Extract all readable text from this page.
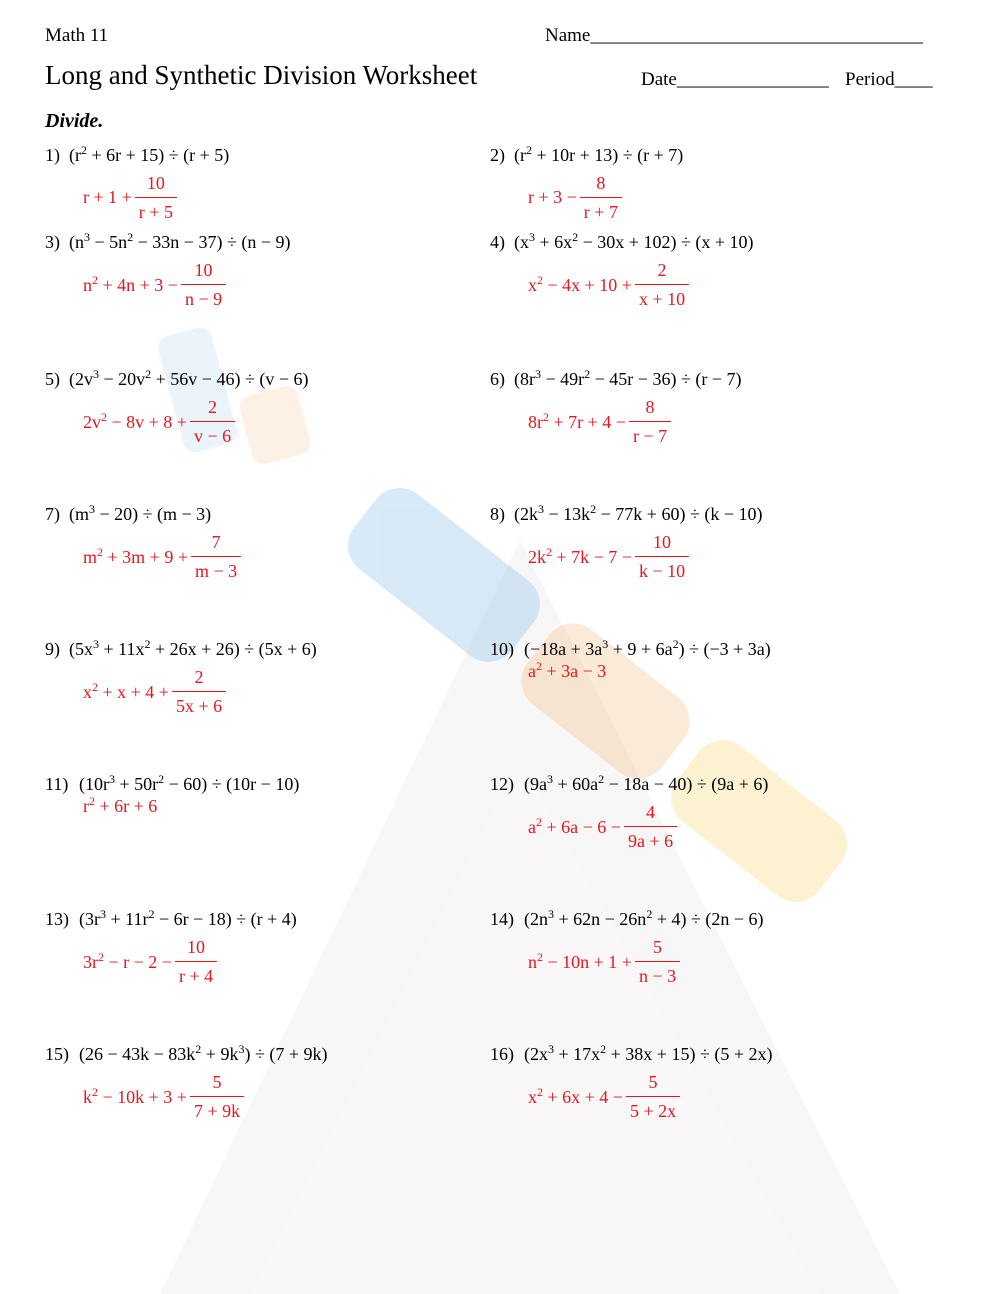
Math 11	Name___________________________________
Long and Synthetic Division Worksheet	Date________________ Period____
Divide.
1) $(r^2 + 6r + 15) \div (r + 5)$
$r + 1 + \frac{10}{r + 5}$
2) $(r^2 + 10r + 13) \div (r + 7)$
$r + 3 - \frac{8}{r + 7}$
3) $(n^3 - 5n^2 - 33n - 37) \div (n - 9)$
$n^2 + 4n + 3 - \frac{10}{n - 9}$
4) $(x^3 + 6x^2 - 30x + 102) \div (x + 10)$
$x^2 - 4x + 10 + \frac{2}{x + 10}$
5) $(2v^3 - 20v^2 + 56v - 46) \div (v - 6)$
$2v^2 - 8v + 8 + \frac{2}{v - 6}$
6) $(8r^3 - 49r^2 - 45r - 36) \div (r - 7)$
$8r^2 + 7r + 4 - \frac{8}{r - 7}$
7) $(m^3 - 20) \div (m - 3)$
$m^2 + 3m + 9 + \frac{7}{m - 3}$
8) $(2k^3 - 13k^2 - 77k + 60) \div (k - 10)$
$2k^2 + 7k - 7 - \frac{10}{k - 10}$
9) $(5x^3 + 11x^2 + 26x + 26) \div (5x + 6)$
$x^2 + x + 4 + \frac{2}{5x + 6}$
10) $(-18a + 3a^3 + 9 + 6a^2) \div (-3 + 3a)$
$a^2 + 3a - 3$
11) $(10r^3 + 50r^2 - 60) \div (10r - 10)$
$r^2 + 6r + 6$
12) $(9a^3 + 60a^2 - 18a - 40) \div (9a + 6)$
$a^2 + 6a - 6 - \frac{4}{9a + 6}$
13) $(3r^3 + 11r^2 - 6r - 18) \div (r + 4)$
$3r^2 - r - 2 - \frac{10}{r + 4}$
14) $(2n^3 + 62n - 26n^2 + 4) \div (2n - 6)$
$n^2 - 10n + 1 + \frac{5}{n - 3}$
15) $(26 - 43k - 83k^2 + 9k^3) \div (7 + 9k)$
$k^2 - 10k + 3 + \frac{5}{7 + 9k}$
16) $(2x^3 + 17x^2 + 38x + 15) \div (5 + 2x)$
$x^2 + 6x + 4 - \frac{5}{5 + 2x}$
